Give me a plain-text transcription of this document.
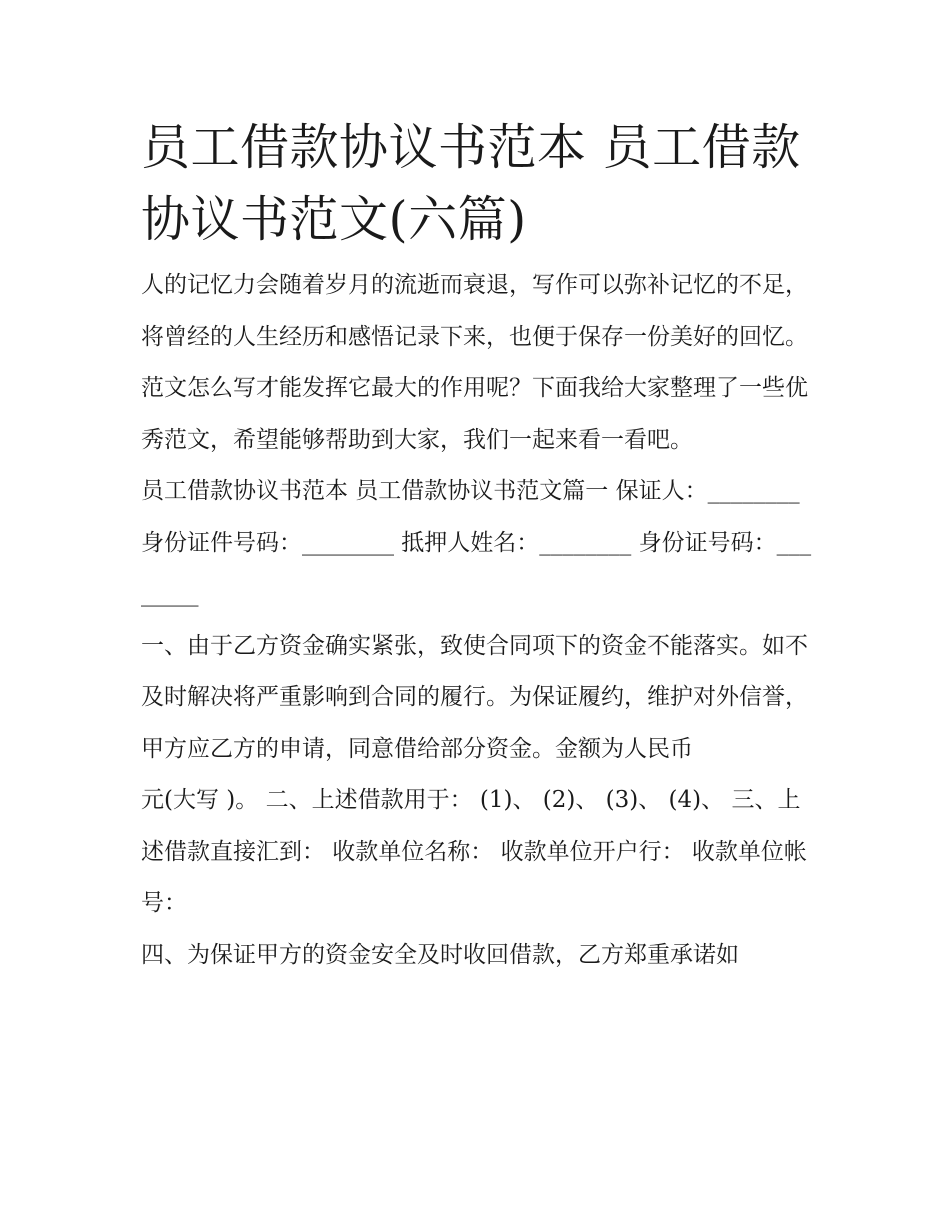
员工借款协议书范本 员工借款协议书范文(六篇)

人的记忆力会随着岁月的流逝而衰退，写作可以弥补记忆的不足，将曾经的人生经历和感悟记录下来，也便于保存一份美好的回忆。范文怎么写才能发挥它最大的作用呢？下面我给大家整理了一些优秀范文，希望能够帮助到大家，我们一起来看一看吧。

员工借款协议书范本 员工借款协议书范文篇一 保证人：________ 身份证件号码：________ 抵押人姓名：________ 身份证号码：________

一、由于乙方资金确实紧张，致使合同项下的资金不能落实。如不及时解决将严重影响到合同的履行。为保证履约，维护对外信誉，甲方应乙方的申请，同意借给部分资金。金额为人民币

元(大写 )。 二、上述借款用于： (1)、 (2)、 (3)、 (4)、 三、上述借款直接汇到： 收款单位名称： 收款单位开户行： 收款单位帐号：

四、为保证甲方的资金安全及时收回借款，乙方郑重承诺如
